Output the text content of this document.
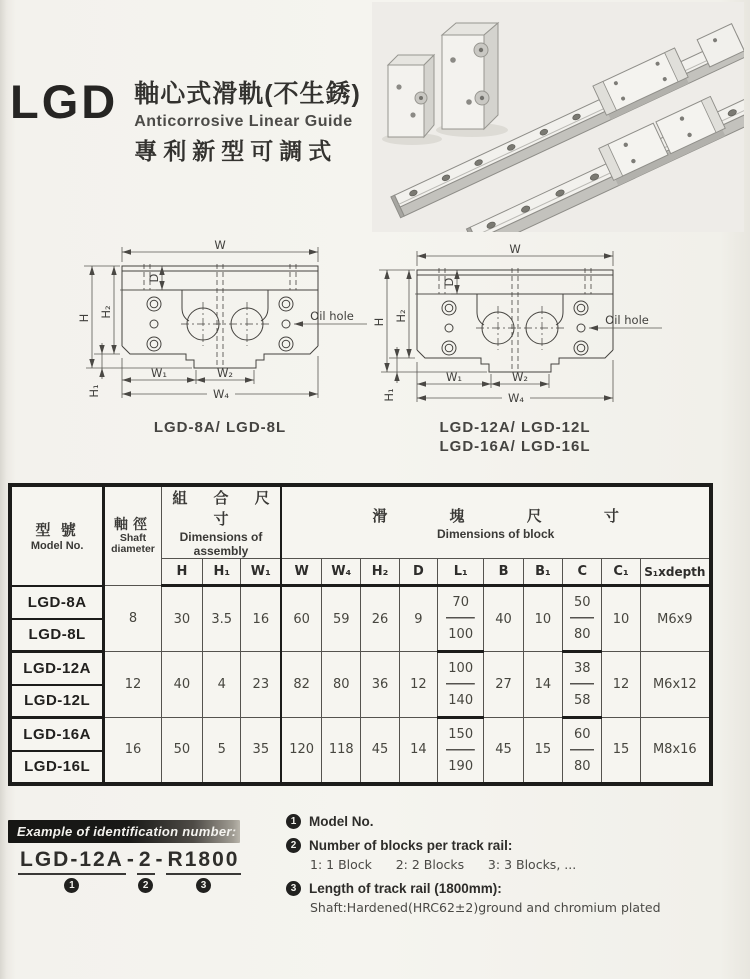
LGD 軸心式滑軌(不生銹)
Anticorrosive Linear Guide
專利新型可調式
W
D
H₂
H
H₁
W₁	W₂
W₄
Oil hole
LGD-8A/ LGD-8L	LGD-12A/ LGD-12L
LGD-16A/ LGD-16L
型 號
Model No.

軸徑
Shaft
diameter

組 合 尺 寸
Dimensions of assembly

滑 塊 尺 寸
Dimensions of block

		H	H₁	W₁	W	W₄	H₂	D	L₁	B	B₁	C	C₁	S₁xdepth
LGD-8A	8	30	3.5	16	60	59	26	9	70	40	10	50	10	M6x9
LGD-8L									100			80		
LGD-12A	12	40	4	23	82	80	36	12	100	27	14	38	12	M6x12
LGD-12L									140			58		
LGD-16A	16	50	5	35	120	118	45	14	150	45	15	60	15	M8x16
LGD-16L									190			80		
Example of identification number:
LGD-12A
1
- 2
2
- R1800
3
1 Model No.
2 Number of blocks per track rail:
1: 1 Block      2: 2 Blocks      3: 3 Blocks, ...
3 Length of track rail (1800mm):
Shaft:Hardened(HRC62±2)ground and chromium plated
